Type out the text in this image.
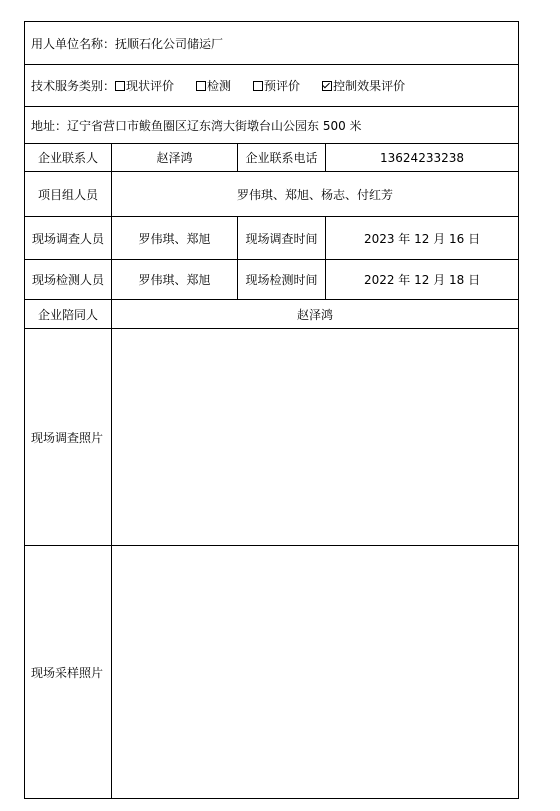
用人单位名称：抚顺石化公司储运厂			
技术服务类别： 现状评价 检测 预评价 控制效果评价			
地址：辽宁省营口市鲅鱼圈区辽东湾大街墩台山公园东 500 米			
企业联系人	赵泽鸿	企业联系电话	13624233238
项目组人员	罗伟琪、郑旭、杨志、付红芳		
现场调查人员	罗伟琪、郑旭	现场调查时间	2023 年 12 月 16 日
现场检测人员	罗伟琪、郑旭	现场检测时间	2022 年 12 月 18 日
企业陪同人	赵泽鸿		
现场调查照片			
现场采样照片			
